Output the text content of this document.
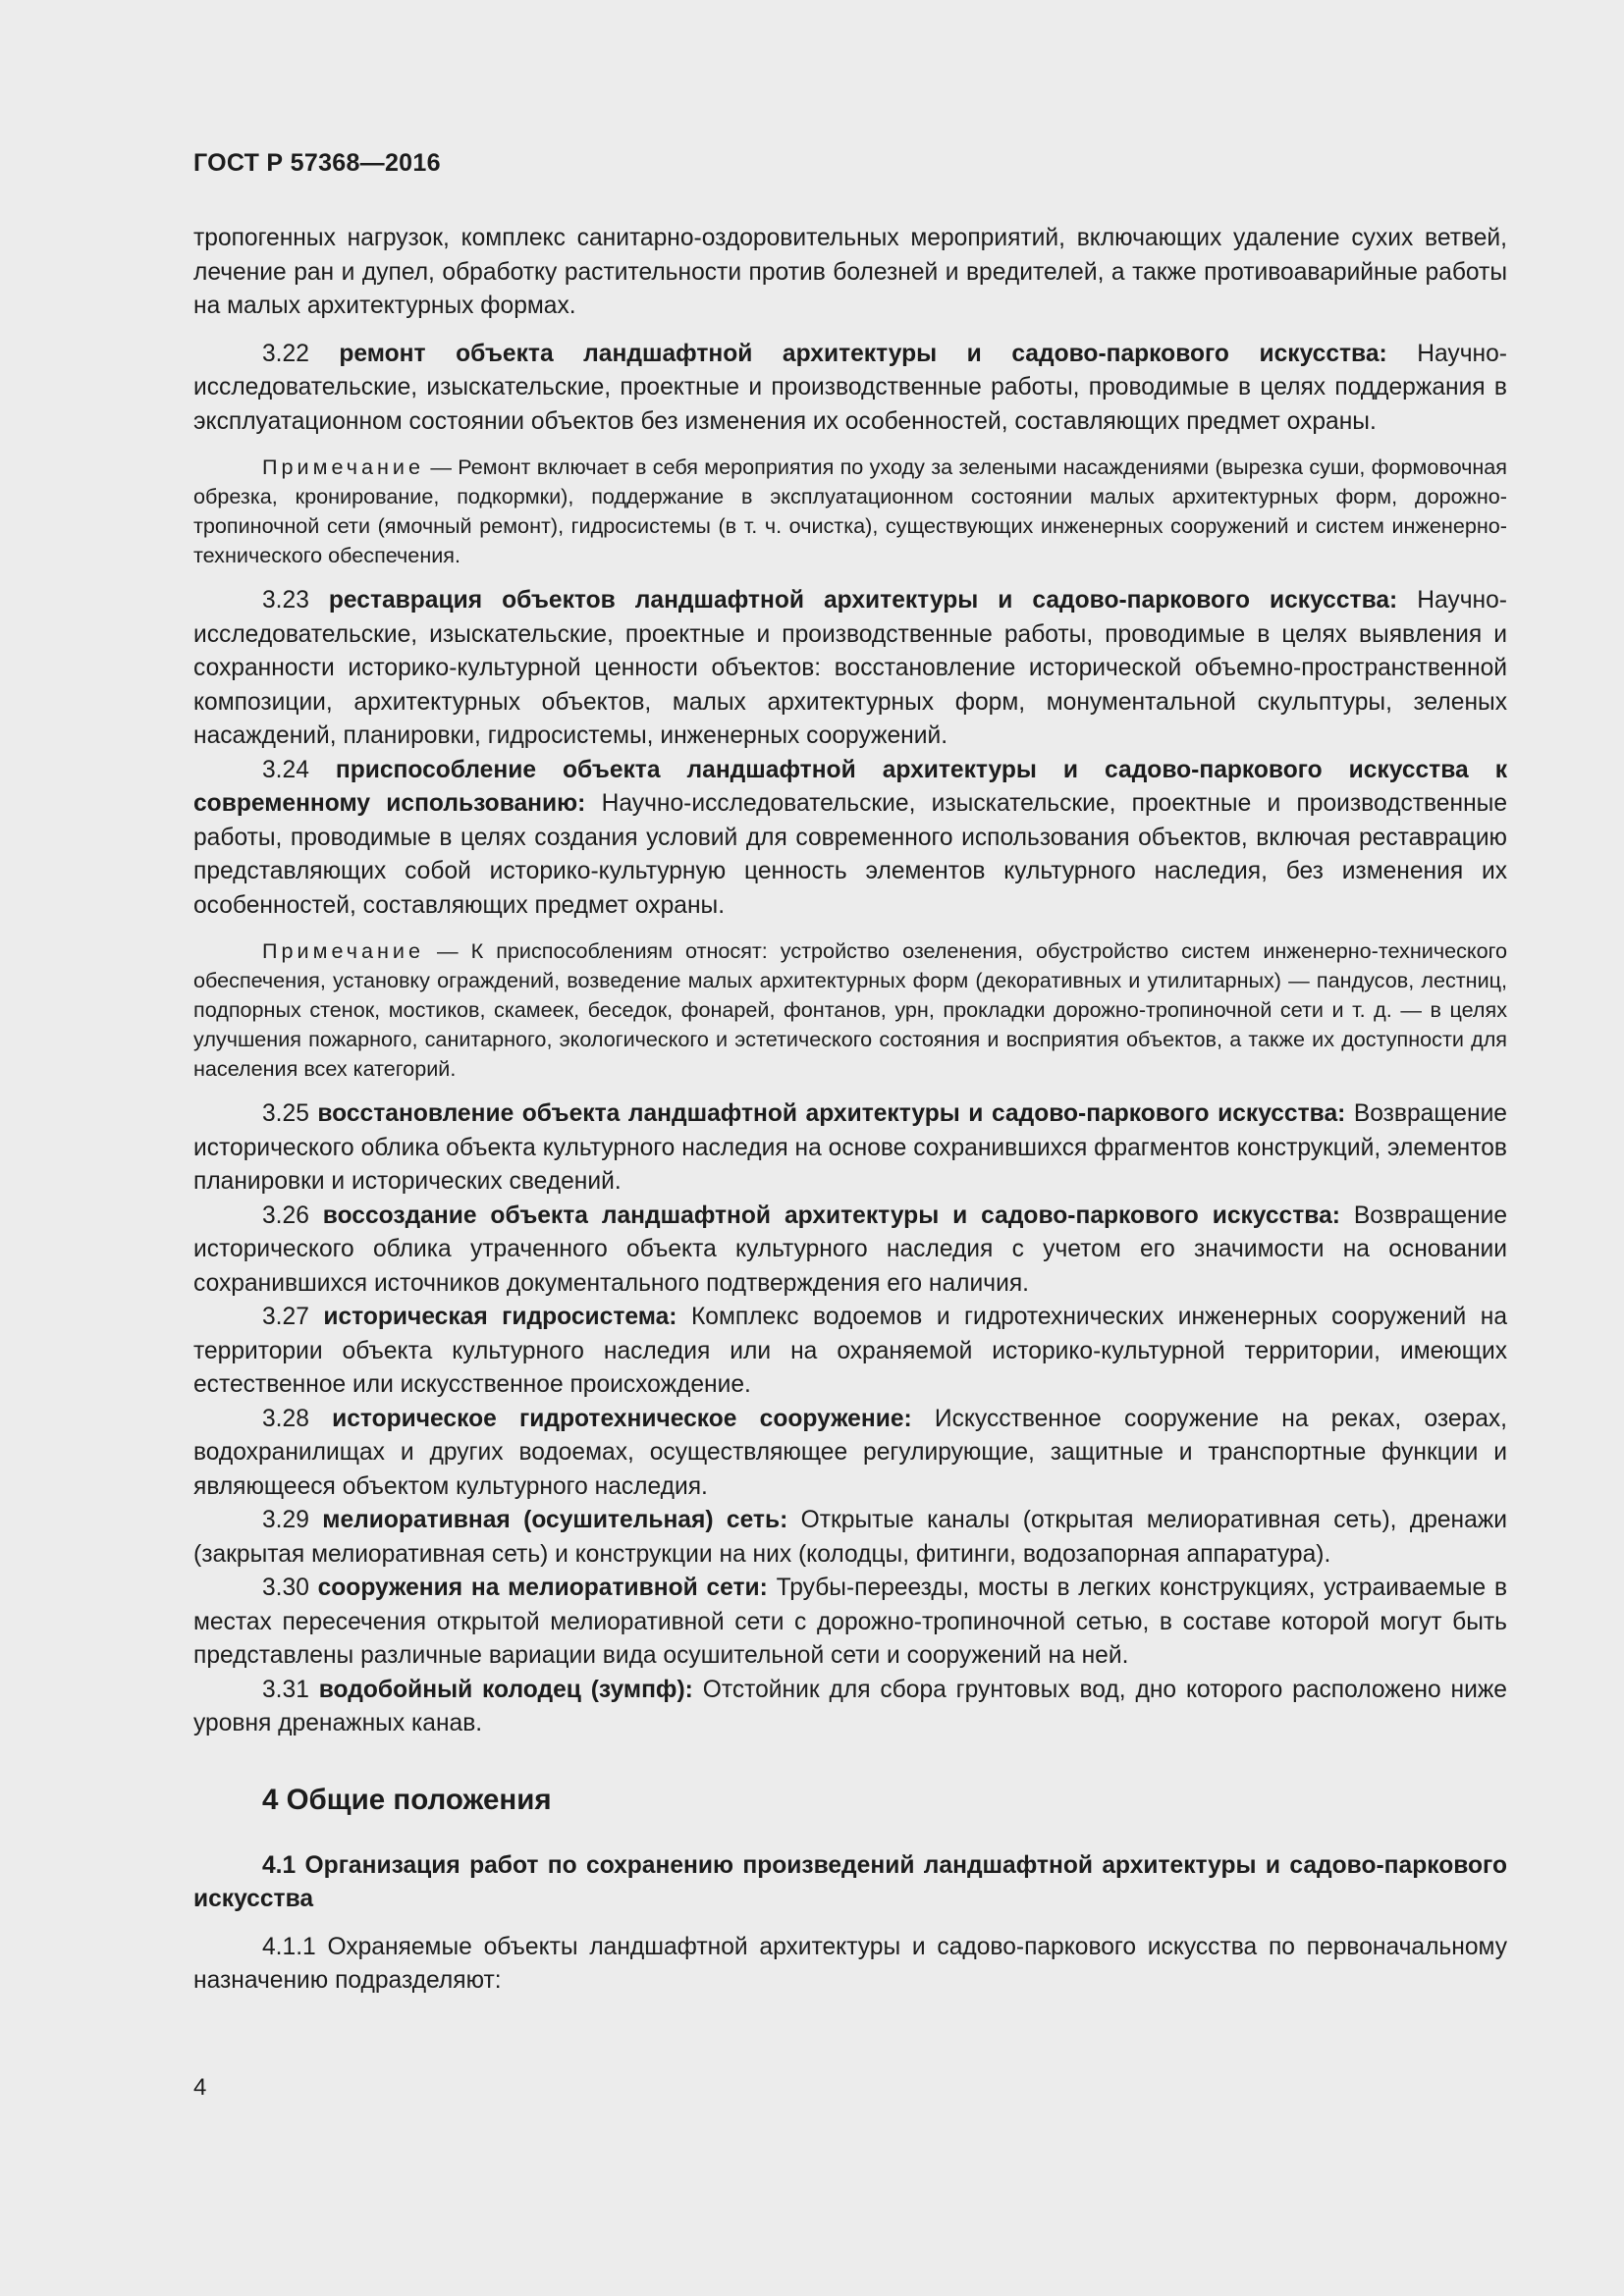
ГОСТ Р 57368—2016

тропогенных нагрузок, комплекс санитарно-оздоровительных мероприятий, включающих удаление сухих ветвей, лечение ран и дупел, обработку растительности против болезней и вредителей, а также противоаварийные работы на малых архитектурных формах.

3.22 ремонт объекта ландшафтной архитектуры и садово-паркового искусства: Научно-исследовательские, изыскательские, проектные и производственные работы, проводимые в целях поддержания в эксплуатационном состоянии объектов без изменения их особенностей, составляющих предмет охраны.

Примечание — Ремонт включает в себя мероприятия по уходу за зелеными насаждениями (вырезка суши, формовочная обрезка, кронирование, подкормки), поддержание в эксплуатационном состоянии малых архитектурных форм, дорожно-тропиночной сети (ямочный ремонт), гидросистемы (в т. ч. очистка), существующих инженерных сооружений и систем инженерно-технического обеспечения.

3.23 реставрация объектов ландшафтной архитектуры и садово-паркового искусства: Научно-исследовательские, изыскательские, проектные и производственные работы, проводимые в целях выявления и сохранности историко-культурной ценности объектов: восстановление исторической объемно-пространственной композиции, архитектурных объектов, малых архитектурных форм, монументальной скульптуры, зеленых насаждений, планировки, гидросистемы, инженерных сооружений.

3.24 приспособление объекта ландшафтной архитектуры и садово-паркового искусства к современному использованию: Научно-исследовательские, изыскательские, проектные и производственные работы, проводимые в целях создания условий для современного использования объектов, включая реставрацию представляющих собой историко-культурную ценность элементов культурного наследия, без изменения их особенностей, составляющих предмет охраны.

Примечание — К приспособлениям относят: устройство озеленения, обустройство систем инженерно-технического обеспечения, установку ограждений, возведение малых архитектурных форм (декоративных и утилитарных) — пандусов, лестниц, подпорных стенок, мостиков, скамеек, беседок, фонарей, фонтанов, урн, прокладки дорожно-тропиночной сети и т. д. — в целях улучшения пожарного, санитарного, экологического и эстетического состояния и восприятия объектов, а также их доступности для населения всех категорий.

3.25 восстановление объекта ландшафтной архитектуры и садово-паркового искусства: Возвращение исторического облика объекта культурного наследия на основе сохранившихся фрагментов конструкций, элементов планировки и исторических сведений.

3.26 воссоздание объекта ландшафтной архитектуры и садово-паркового искусства: Возвращение исторического облика утраченного объекта культурного наследия с учетом его значимости на основании сохранившихся источников документального подтверждения его наличия.

3.27 историческая гидросистема: Комплекс водоемов и гидротехнических инженерных сооружений на территории объекта культурного наследия или на охраняемой историко-культурной территории, имеющих естественное или искусственное происхождение.

3.28 историческое гидротехническое сооружение: Искусственное сооружение на реках, озерах, водохранилищах и других водоемах, осуществляющее регулирующие, защитные и транспортные функции и являющееся объектом культурного наследия.

3.29 мелиоративная (осушительная) сеть: Открытые каналы (открытая мелиоративная сеть), дренажи (закрытая мелиоративная сеть) и конструкции на них (колодцы, фитинги, водозапорная аппаратура).

3.30 сооружения на мелиоративной сети: Трубы-переезды, мосты в легких конструкциях, устраиваемые в местах пересечения открытой мелиоративной сети с дорожно-тропиночной сетью, в составе которой могут быть представлены различные вариации вида осушительной сети и сооружений на ней.

3.31 водобойный колодец (зумпф): Отстойник для сбора грунтовых вод, дно которого расположено ниже уровня дренажных канав.

4 Общие положения

4.1 Организация работ по сохранению произведений ландшафтной архитектуры и садово-паркового искусства

4.1.1 Охраняемые объекты ландшафтной архитектуры и садово-паркового искусства по первоначальному назначению подразделяют:

4
